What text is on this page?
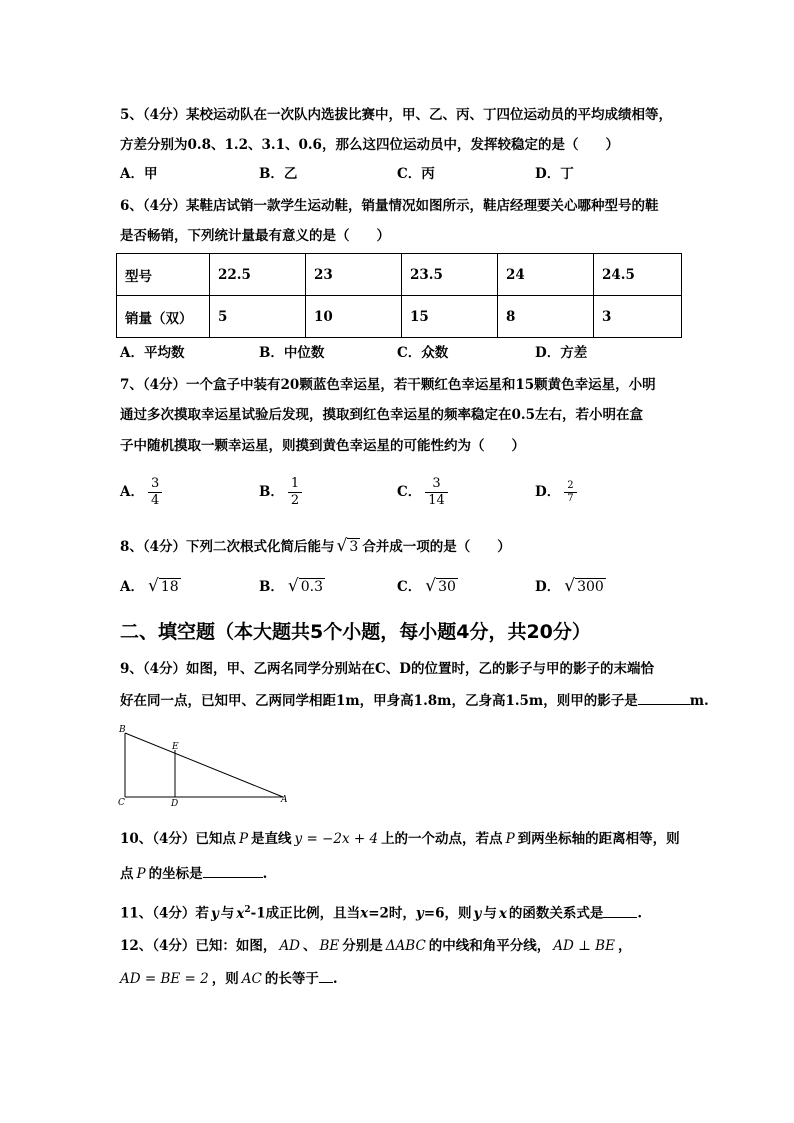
5、（4分）某校运动队在一次队内选拔比赛中，甲、乙、丙、丁四位运动员的平均成绩相等，
方差分别为0.8、1.2、3.1、0.6，那么这四位运动员中，发挥较稳定的是（　　）
A．甲	B．乙	C．丙	D．丁
6、（4分）某鞋店试销一款学生运动鞋，销量情况如图所示，鞋店经理要关心哪种型号的鞋
是否畅销，下列统计量最有意义的是（　　）
型号	22.5	23	23.5	24	24.5
销量（双）	5	10	15	8	3
A．平均数	B．中位数	C．众数	D．方差
7、（4分）一个盒子中装有20颗蓝色幸运星，若干颗红色幸运星和15颗黄色幸运星，小明
通过多次摸取幸运星试验后发现，摸取到红色幸运星的频率稳定在0.5左右，若小明在盒
子中随机摸取一颗幸运星，则摸到黄色幸运星的可能性约为（　　）
A． $\frac{3}{4}$	B． $\frac{1}{2}$	C． $\frac{3}{14}$	D． $\frac{2}{7}$
8、（4分）下列二次根式化简后能与 √ 3 合并成一项的是（　　）
A． √ 18	B． √ 0.3	C． √ 30	D． √ 300
二、填空题（本大题共5个小题，每小题4分，共20分）
9、（4分）如图，甲、乙两名同学分别站在C、D的位置时，乙的影子与甲的影子的末端恰
好在同一点，已知甲、乙两同学相距1m，甲身高1.8m，乙身高1.5m，则甲的影子是	m.
B
E
C	D	A
10、（4分）已知点 P 是直线 y = −2x + 4 上的一个动点，若点 P 到两坐标轴的距离相等，则
点 P 的坐标是	.
11、（4分）若 y 与 $x^2-1$成正比例，且当x=2时，y=6，则 y 与 x 的函数关系式是	.
12、（4分）已知：如图， AD 、 BE 分别是 ΔABC 的中线和角平分线， AD ⊥ BE ，
AD = BE = 2 ，则 AC 的长等于 .
